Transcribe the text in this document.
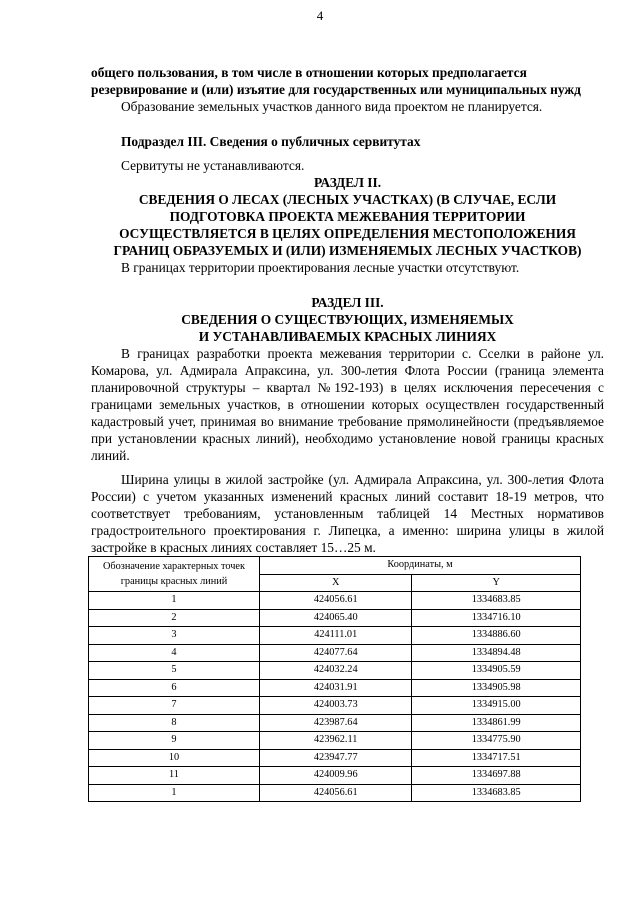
4

общего пользования, в том числе в отношении которых предполагается резервирование и (или) изъятие для государственных или муниципальных нужд

Образование земельных участков данного вида проектом не планируется.

Подраздел III. Сведения о публичных сервитутах

Сервитуты не устанавливаются.

РАЗДЕЛ II.

СВЕДЕНИЯ О ЛЕСАХ (ЛЕСНЫХ УЧАСТКАХ) (В СЛУЧАЕ, ЕСЛИ
ПОДГОТОВКА ПРОЕКТА МЕЖЕВАНИЯ ТЕРРИТОРИИ
ОСУЩЕСТВЛЯЕТСЯ В ЦЕЛЯХ ОПРЕДЕЛЕНИЯ МЕСТОПОЛОЖЕНИЯ
ГРАНИЦ ОБРАЗУЕМЫХ И (ИЛИ) ИЗМЕНЯЕМЫХ ЛЕСНЫХ УЧАСТКОВ)

В границах территории проектирования лесные участки отсутствуют.

РАЗДЕЛ III.

СВЕДЕНИЯ О СУЩЕСТВУЮЩИХ, ИЗМЕНЯЕМЫХ
И УСТАНАВЛИВАЕМЫХ КРАСНЫХ ЛИНИЯХ

В границах разработки проекта межевания территории с. Сселки в районе ул. Комарова, ул. Адмирала Апраксина, ул. 300-летия Флота России (граница элемента планировочной структуры – квартал №192-193) в целях исключения пересечения с границами земельных участков, в отношении которых осуществлен государственный кадастровый учет, принимая во внимание требование прямолинейности (предъявляемое при установлении красных линий), необходимо установление новой границы красных линий.

Ширина улицы в жилой застройке (ул. Адмирала Апраксина, ул. 300-летия Флота России) с учетом указанных изменений красных линий составит 18-19 метров, что соответствует требованиям, установленным таблицей 14 Местных нормативов градостроительного проектирования г. Липецка, а именно: ширина улицы в жилой застройке в красных линиях составляет 15…25 м.

Обозначение характерных точек границы красных линий	Координаты, м	
	X	Y
1	424056.61	1334683.85
2	424065.40	1334716.10
3	424111.01	1334886.60
4	424077.64	1334894.48
5	424032.24	1334905.59
6	424031.91	1334905.98
7	424003.73	1334915.00
8	423987.64	1334861.99
9	423962.11	1334775.90
10	423947.77	1334717.51
11	424009.96	1334697.88
1	424056.61	1334683.85
